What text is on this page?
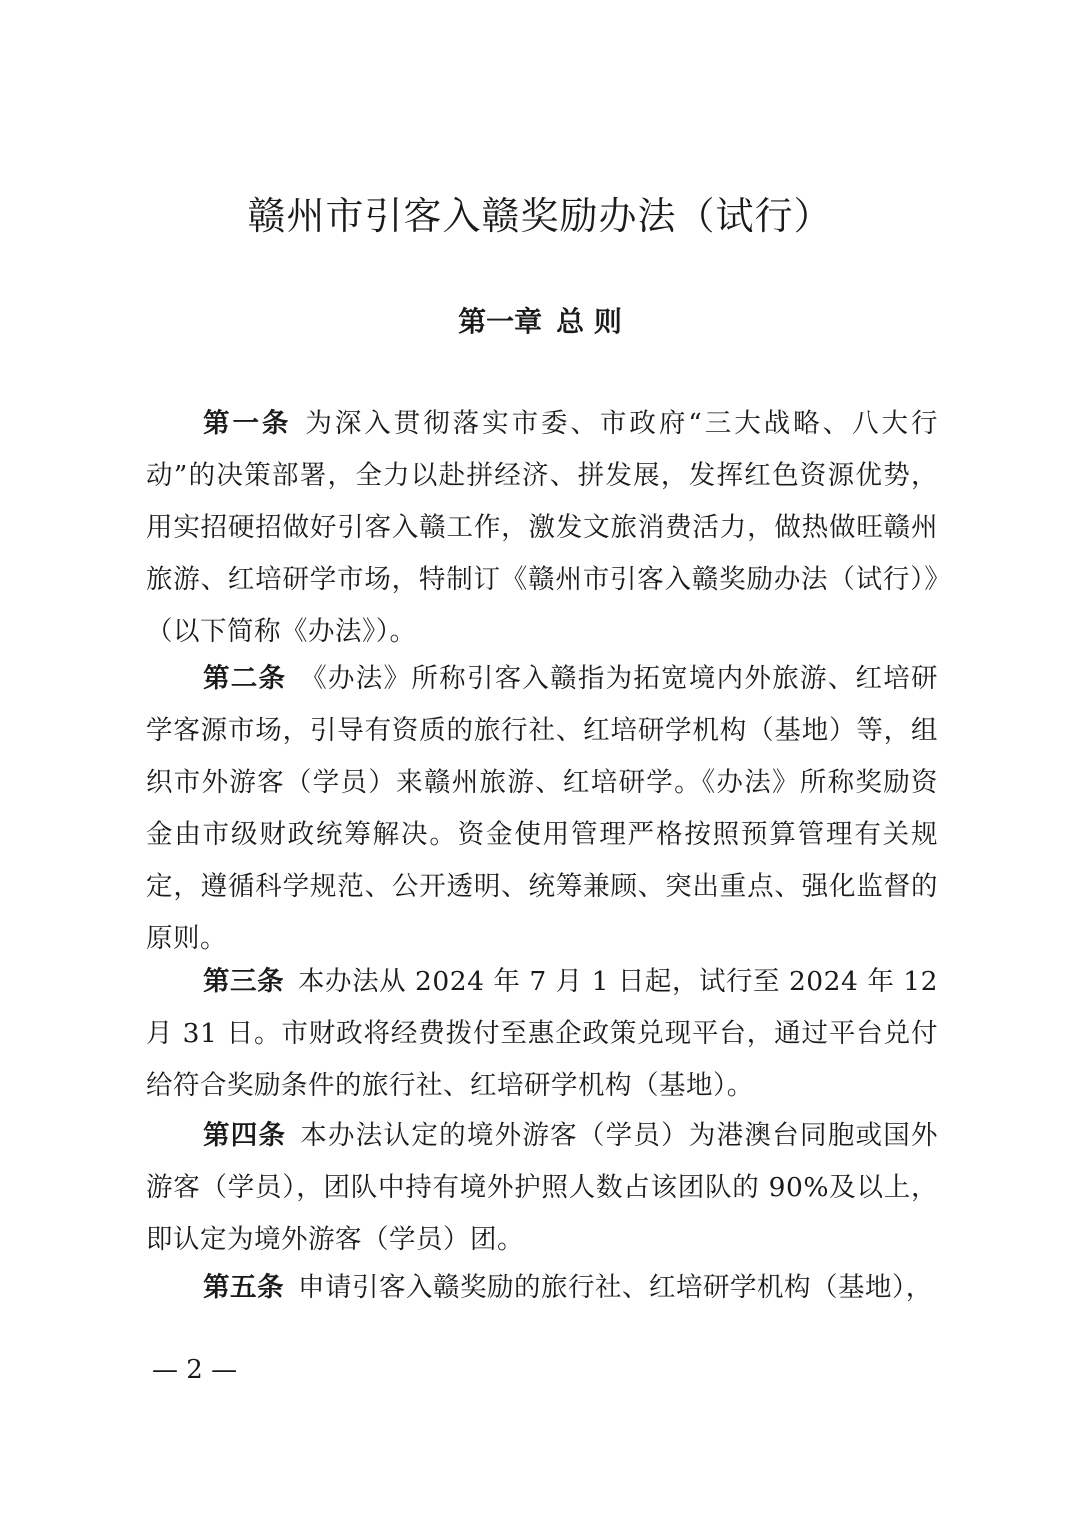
赣州市引客入赣奖励办法（试行）
第一章 总 则

第一条 为深入贯彻落实市委、市政府“三大战略、八大行动”的决策部署，全力以赴拼经济、拼发展，发挥红色资源优势，用实招硬招做好引客入赣工作，激发文旅消费活力，做热做旺赣州旅游、红培研学市场，特制订《赣州市引客入赣奖励办法（试行）》（以下简称《办法》）。

第二条 《办法》所称引客入赣指为拓宽境内外旅游、红培研学客源市场，引导有资质的旅行社、红培研学机构（基地）等，组织市外游客（学员）来赣州旅游、红培研学。《办法》所称奖励资金由市级财政统筹解决。资金使用管理严格按照预算管理有关规定，遵循科学规范、公开透明、统筹兼顾、突出重点、强化监督的原则。

第三条 本办法从 2024 年 7 月 1 日起，试行至 2024 年 12 月 31 日。市财政将经费拨付至惠企政策兑现平台，通过平台兑付给符合奖励条件的旅行社、红培研学机构（基地）。

第四条 本办法认定的境外游客（学员）为港澳台同胞或国外游客（学员），团队中持有境外护照人数占该团队的 90%及以上，即认定为境外游客（学员）团。

第五条 申请引客入赣奖励的旅行社、红培研学机构（基地），

— 2 —
